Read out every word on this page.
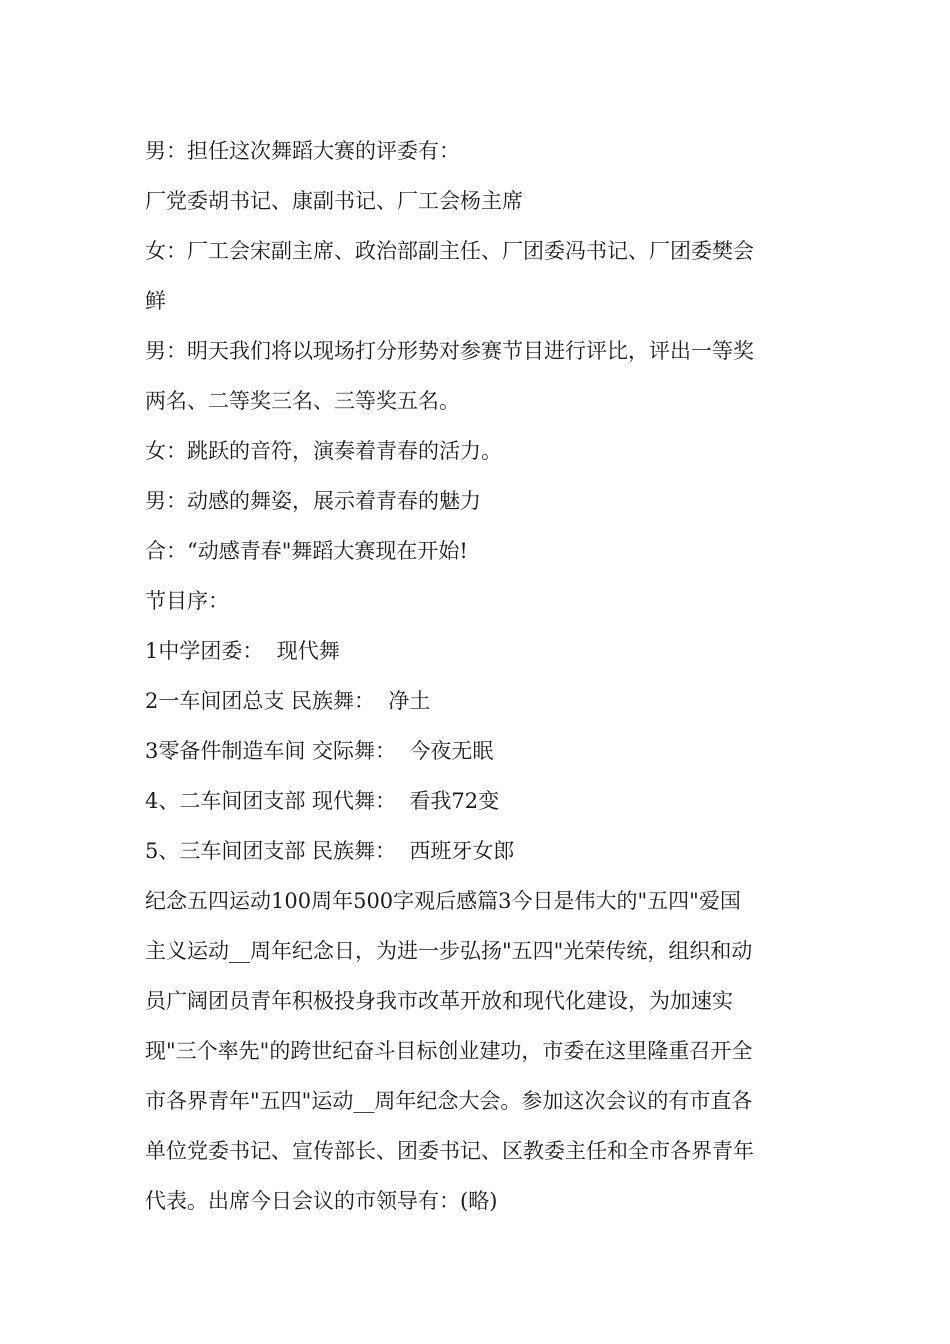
男：担任这次舞蹈大赛的评委有：
厂党委胡书记、康副书记、厂工会杨主席
女：厂工会宋副主席、政治部副主任、厂团委冯书记、厂团委樊会
鲜
男：明天我们将以现场打分形势对参赛节目进行评比，评出一等奖
两名、二等奖三名、三等奖五名。
女：跳跃的音符，演奏着青春的活力。
男：动感的舞姿，展示着青春的魅力
合：“动感青春"舞蹈大赛现在开始!
节目序：
1中学团委：  现代舞
2一车间团总支 民族舞：  净土
3零备件制造车间 交际舞：  今夜无眠
4、二车间团支部 现代舞：  看我72变
5、三车间团支部 民族舞：  西班牙女郎
纪念五四运动100周年500字观后感篇3今日是伟大的"五四"爱国
主义运动__周年纪念日，为进一步弘扬"五四"光荣传统，组织和动
员广阔团员青年积极投身我市改革开放和现代化建设，为加速实
现"三个率先"的跨世纪奋斗目标创业建功，市委在这里隆重召开全
市各界青年"五四"运动__周年纪念大会。参加这次会议的有市直各
单位党委书记、宣传部长、团委书记、区教委主任和全市各界青年
代表。出席今日会议的市领导有：(略)
